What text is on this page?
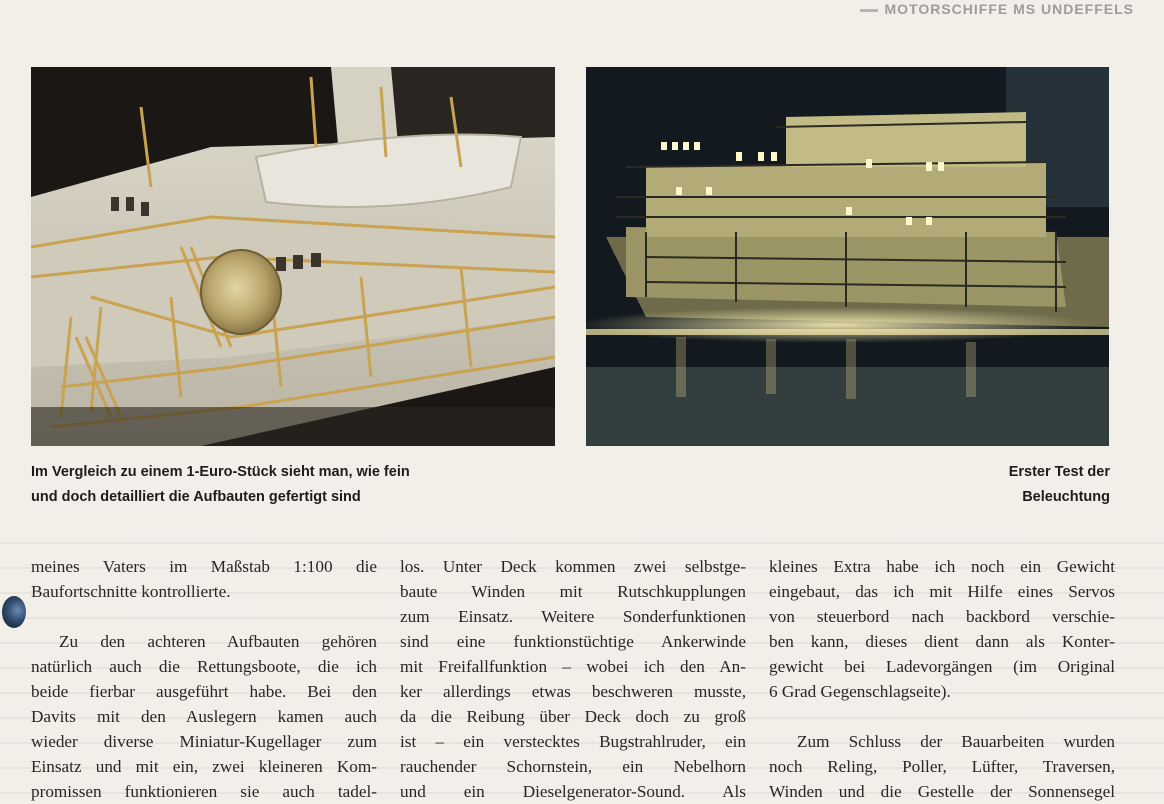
MOTORSCHIFFE MS UNDEFFELS
Im Vergleich zu einem 1-Euro-Stück sieht man, wie fein
und doch detailliert die Aufbauten gefertigt sind
Erster Test der
Beleuchtung
meines Vaters im Maßstab 1:100 die
Baufortschnitte kontrollierte.
Zu den achteren Aufbauten gehören
natürlich auch die Rettungsboote, die ich
beide fierbar ausgeführt habe. Bei den
Davits mit den Auslegern kamen auch
wieder diverse Miniatur-Kugellager zum
Einsatz und mit ein, zwei kleineren Kom-
promissen funktionieren sie auch tadel-
los. Unter Deck kommen zwei selbstge-
baute Winden mit Rutschkupplungen
zum Einsatz. Weitere Sonderfunktionen
sind eine funktionstüchtige Ankerwinde
mit Freifallfunktion – wobei ich den An-
ker allerdings etwas beschweren musste,
da die Reibung über Deck doch zu groß
ist – ein verstecktes Bugstrahlruder, ein
rauchender Schornstein, ein Nebelhorn
und ein Dieselgenerator-Sound. Als
kleines Extra habe ich noch ein Gewicht
eingebaut, das ich mit Hilfe eines Servos
von steuerbord nach backbord verschie-
ben kann, dieses dient dann als Konter-
gewicht bei Ladevorgängen (im Original
6 Grad Gegenschlagseite).
Zum Schluss der Bauarbeiten wurden
noch Reling, Poller, Lüfter, Traversen,
Winden und die Gestelle der Sonnensegel
